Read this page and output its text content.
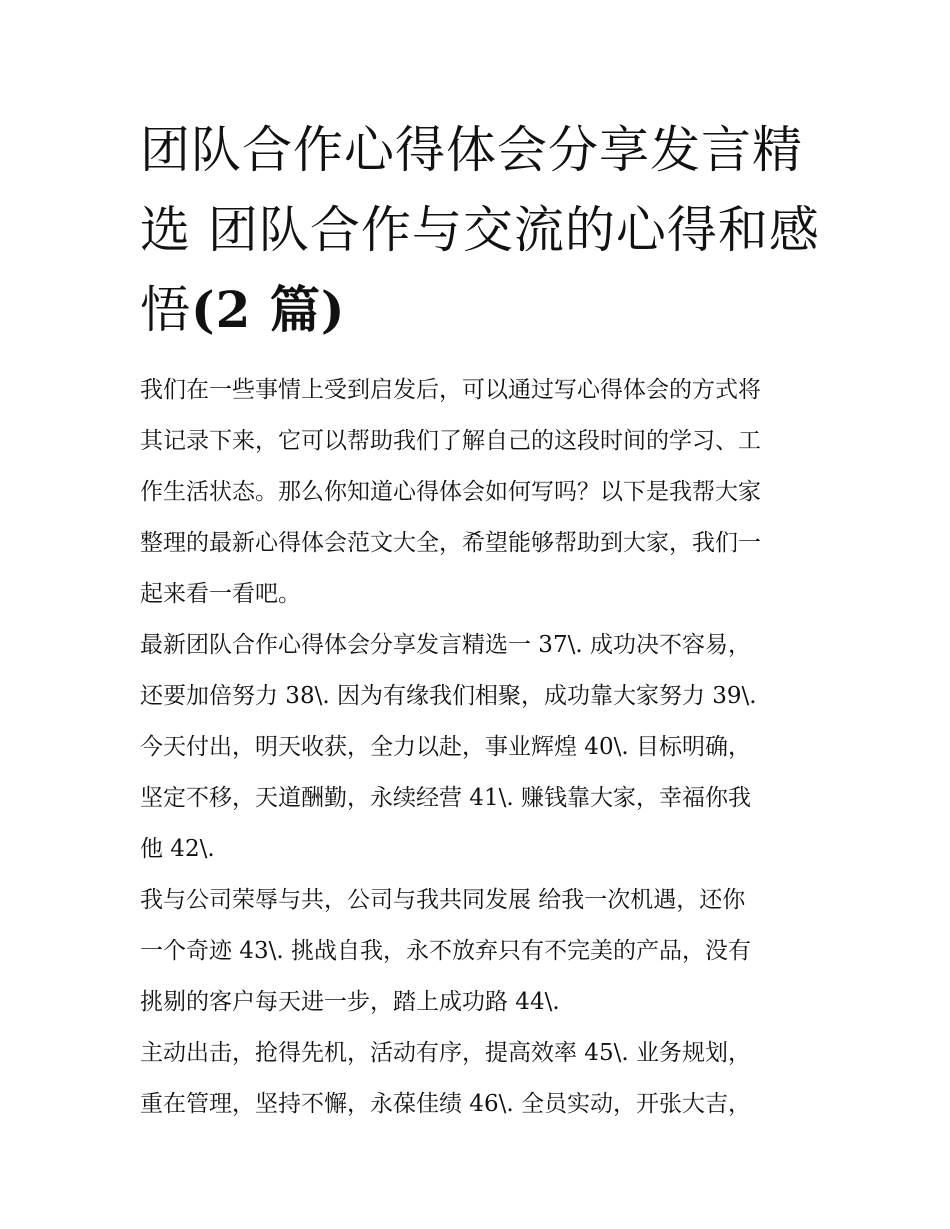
团队合作心得体会分享发言精
选 团队合作与交流的心得和感
悟(2 篇)

我们在一些事情上受到启发后，可以通过写心得体会的方式将
其记录下来，它可以帮助我们了解自己的这段时间的学习、工
作生活状态。那么你知道心得体会如何写吗？以下是我帮大家
整理的最新心得体会范文大全，希望能够帮助到大家，我们一
起来看一看吧。

最新团队合作心得体会分享发言精选一 37\. 成功决不容易，
还要加倍努力 38\. 因为有缘我们相聚，成功靠大家努力 39\.
今天付出，明天收获，全力以赴，事业辉煌 40\. 目标明确，
坚定不移，天道酬勤，永续经营 41\. 赚钱靠大家，幸福你我
他 42\.

我与公司荣辱与共，公司与我共同发展 给我一次机遇，还你
一个奇迹 43\. 挑战自我，永不放弃只有不完美的产品，没有
挑剔的客户每天进一步，踏上成功路 44\.

主动出击，抢得先机，活动有序，提高效率 45\. 业务规划，
重在管理，坚持不懈，永葆佳绩 46\. 全员实动，开张大吉，
